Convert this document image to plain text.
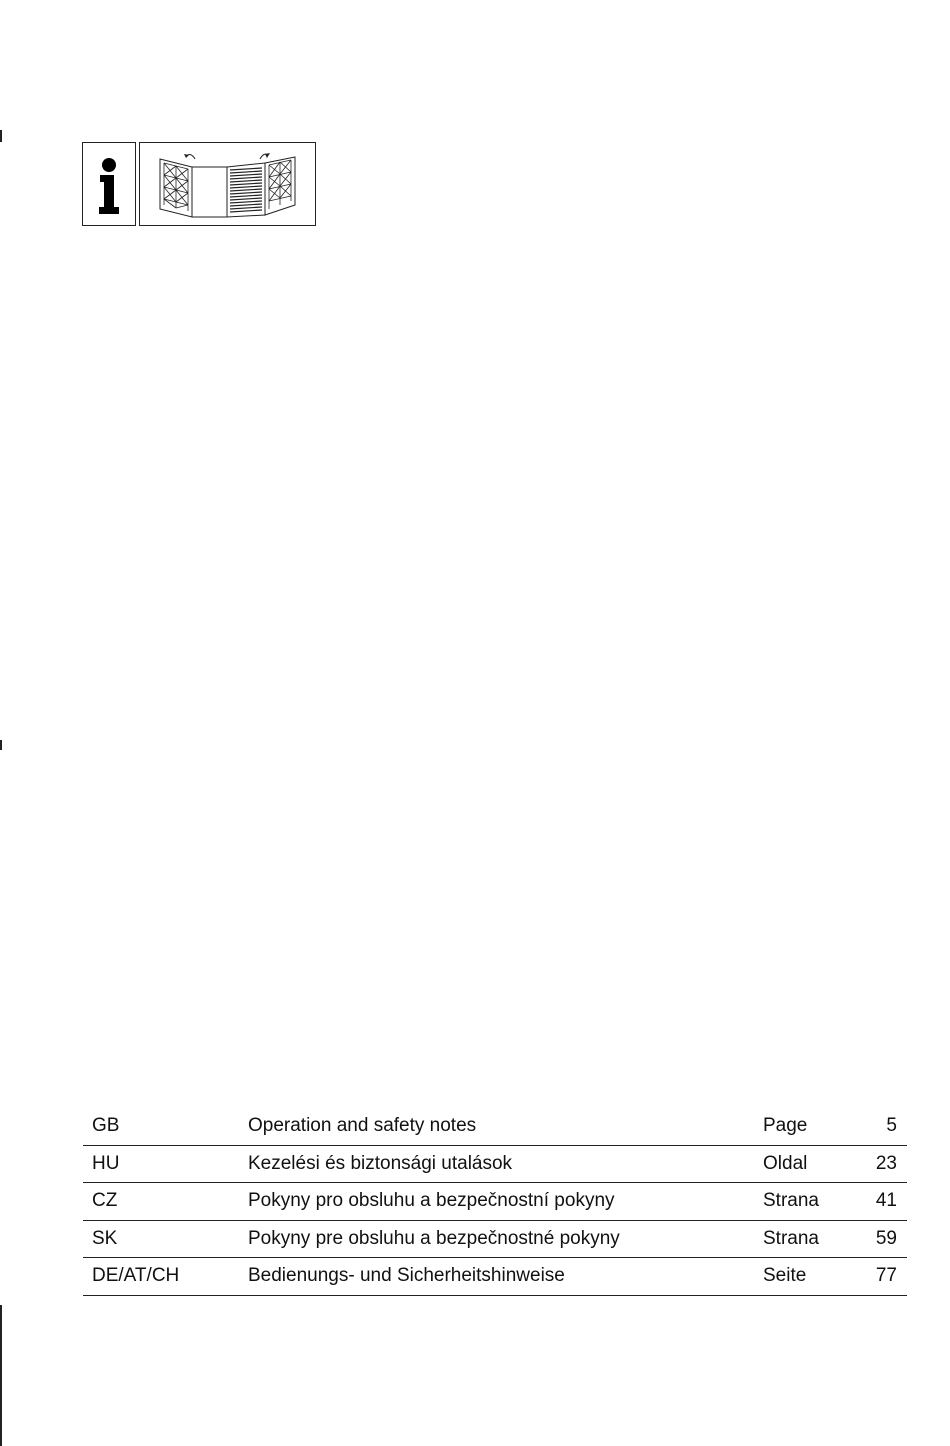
GB	Operation and safety notes	Page	5
HU	Kezelési és biztonsági utalások	Oldal	23
CZ	Pokyny pro obsluhu a bezpečnostní pokyny	Strana	41
SK	Pokyny pre obsluhu a bezpečnostné pokyny	Strana	59
DE/AT/CH	Bedienungs- und Sicherheitshinweise	Seite	77
